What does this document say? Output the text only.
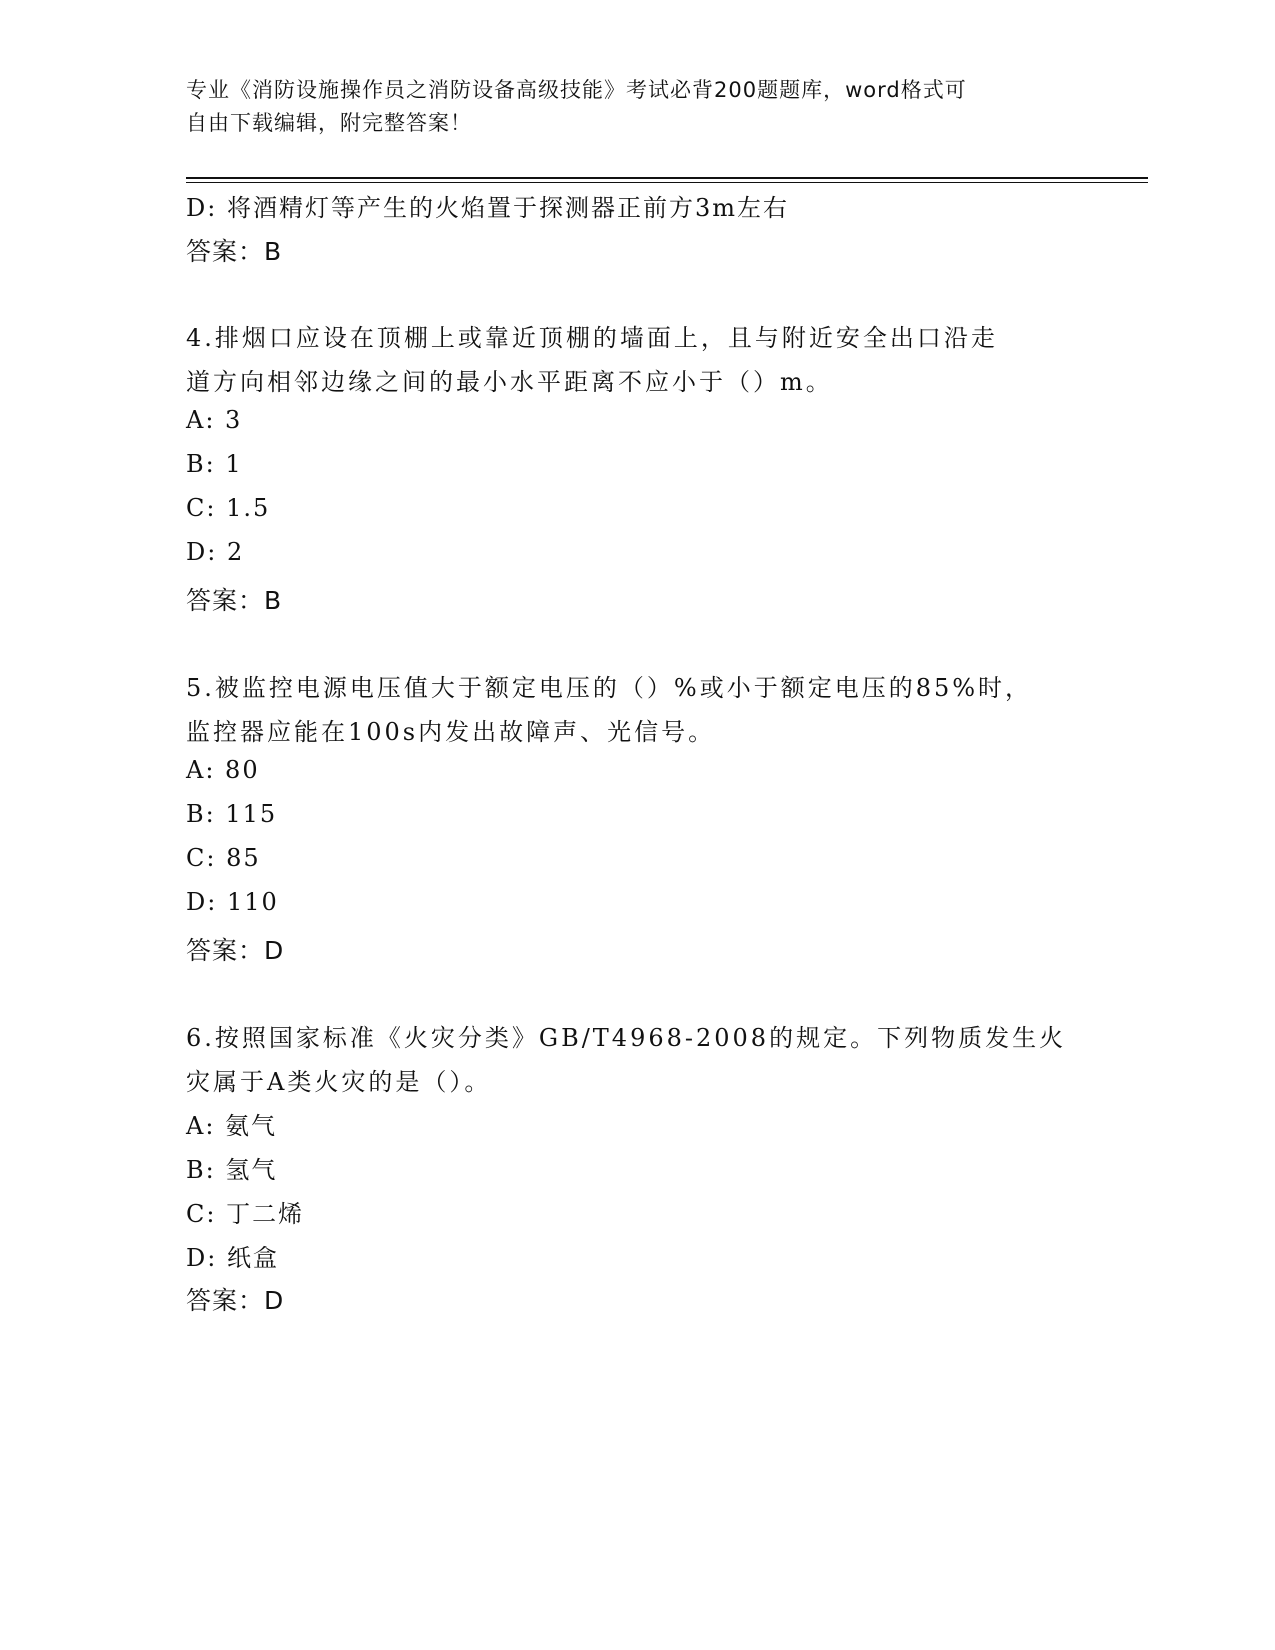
专业《消防设施操作员之消防设备高级技能》考试必背200题题库，word格式可
自由下载编辑，附完整答案！
D: 将酒精灯等产生的火焰置于探测器正前方3m左右
答案：B
4.排烟口应设在顶棚上或靠近顶棚的墙面上，且与附近安全出口沿走
道方向相邻边缘之间的最小水平距离不应小于（）m。
A: 3
B: 1
C: 1.5
D: 2
答案：B
5.被监控电源电压值大于额定电压的（）%或小于额定电压的85%时，
监控器应能在100s内发出故障声、光信号。
A: 80
B: 115
C: 85
D: 110
答案：D
6.按照国家标准《火灾分类》GB/T4968-2008的规定。下列物质发生火
灾属于A类火灾的是（）。
A: 氨气
B: 氢气
C: 丁二烯
D: 纸盒
答案：D
